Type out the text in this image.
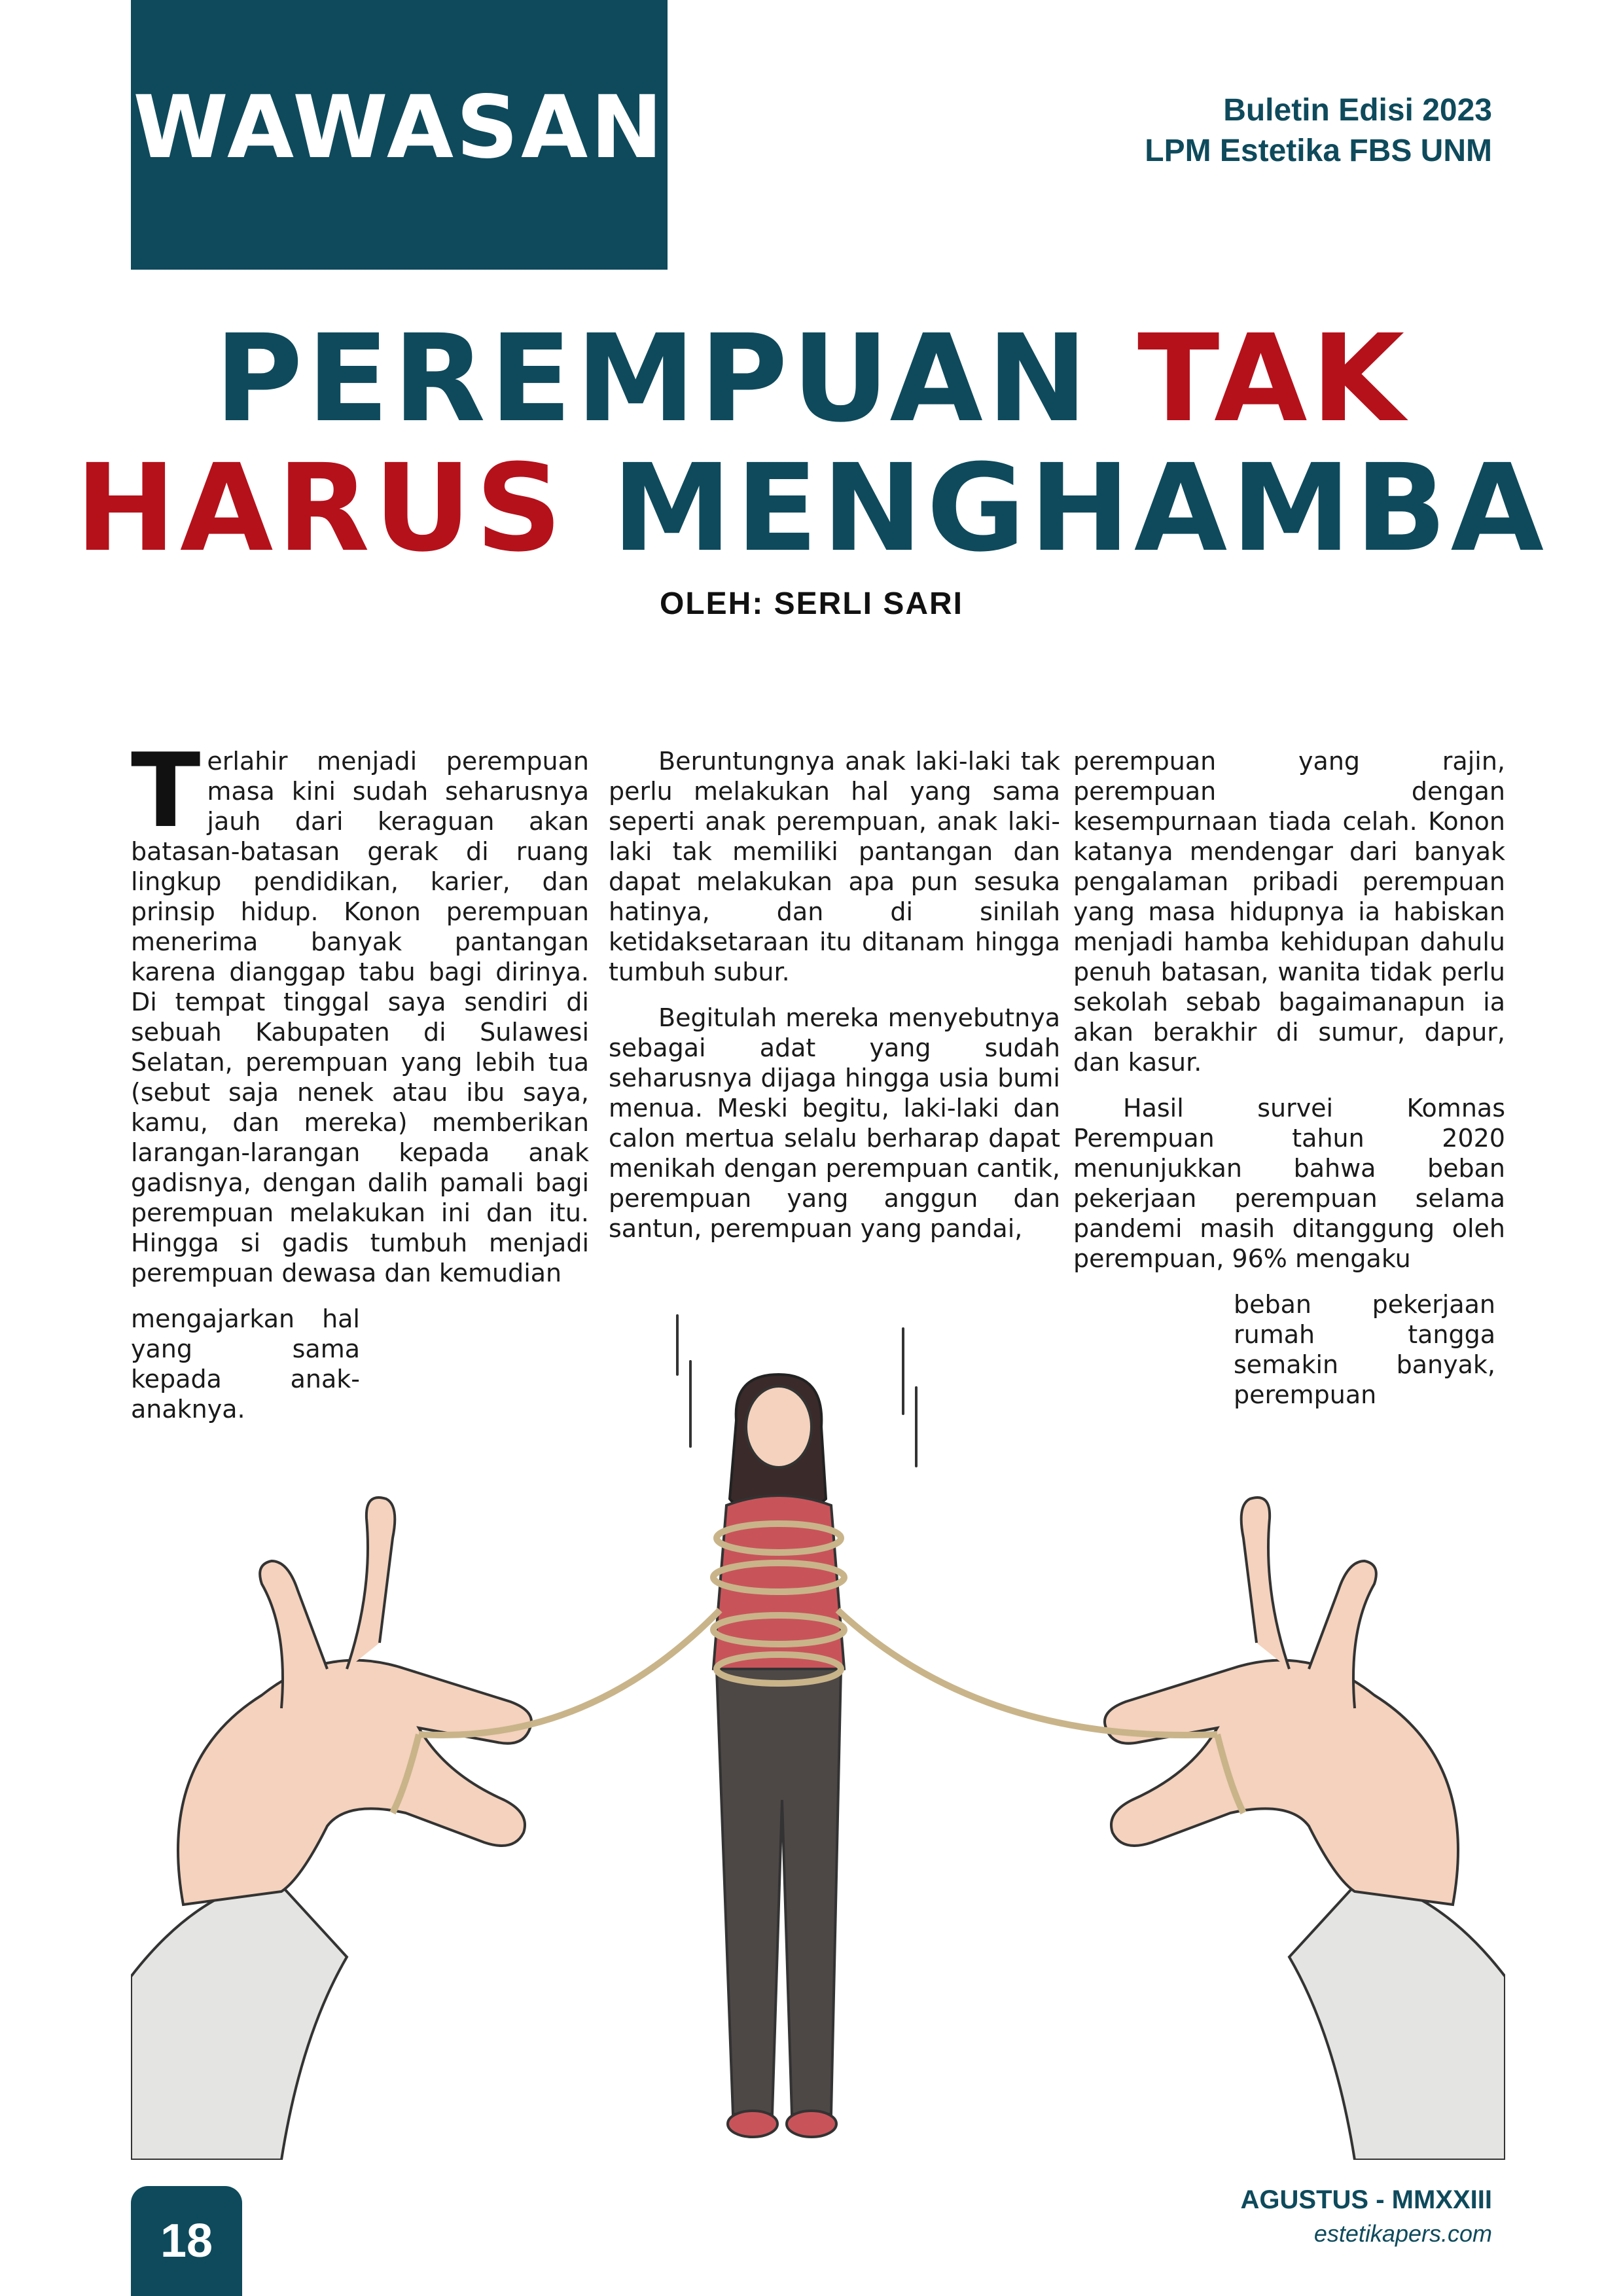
WAWASAN	Buletin Edisi 2023
LPM Estetika FBS UNM
PEREMPUAN TAK
HARUS MENGHAMBA
OLEH: SERLI SARI

Terlahir menjadi perempuan masa kini sudah seharusnya jauh dari keraguan akan batasan-batasan gerak di ruang lingkup pendidikan, karier, dan prinsip hidup. Konon perempuan menerima banyak pantangan karena dianggap tabu bagi dirinya. Di tempat tinggal saya sendiri di sebuah Kabupaten di Sulawesi Selatan, perempuan yang lebih tua (sebut saja nenek atau ibu saya, kamu, dan mereka) memberikan larangan-larangan kepada anak gadisnya, dengan dalih pamali bagi perempuan melakukan ini dan itu. Hingga si gadis tumbuh menjadi perempuan dewasa dan kemudian

mengajarkan hal yang sama kepada anak-anaknya.

Beruntungnya anak laki-laki tak perlu melakukan hal yang sama seperti anak perempuan, anak laki-laki tak memiliki pantangan dan dapat melakukan apa pun sesuka hatinya, dan di sinilah ketidaksetaraan itu ditanam hingga tumbuh subur.

Begitulah mereka menyebutnya sebagai adat yang sudah seharusnya dijaga hingga usia bumi menua. Meski begitu, laki-laki dan calon mertua selalu berharap dapat menikah dengan perempuan cantik, perempuan yang anggun dan santun, perempuan yang pandai,

perempuan yang rajin, perempuan dengan kesempurnaan tiada celah. Konon katanya mendengar dari banyak pengalaman pribadi perempuan yang masa hidupnya ia habiskan menjadi hamba kehidupan dahulu penuh batasan, wanita tidak perlu sekolah sebab bagaimanapun ia akan berakhir di sumur, dapur, dan kasur.

Hasil survei Komnas Perempuan tahun 2020 menunjukkan bahwa beban pekerjaan perempuan selama pandemi masih ditanggung oleh perempuan, 96% mengaku

beban pekerjaan rumah tangga semakin banyak, perempuan

18
AGUSTUS - MMXXIII
estetikapers.com
